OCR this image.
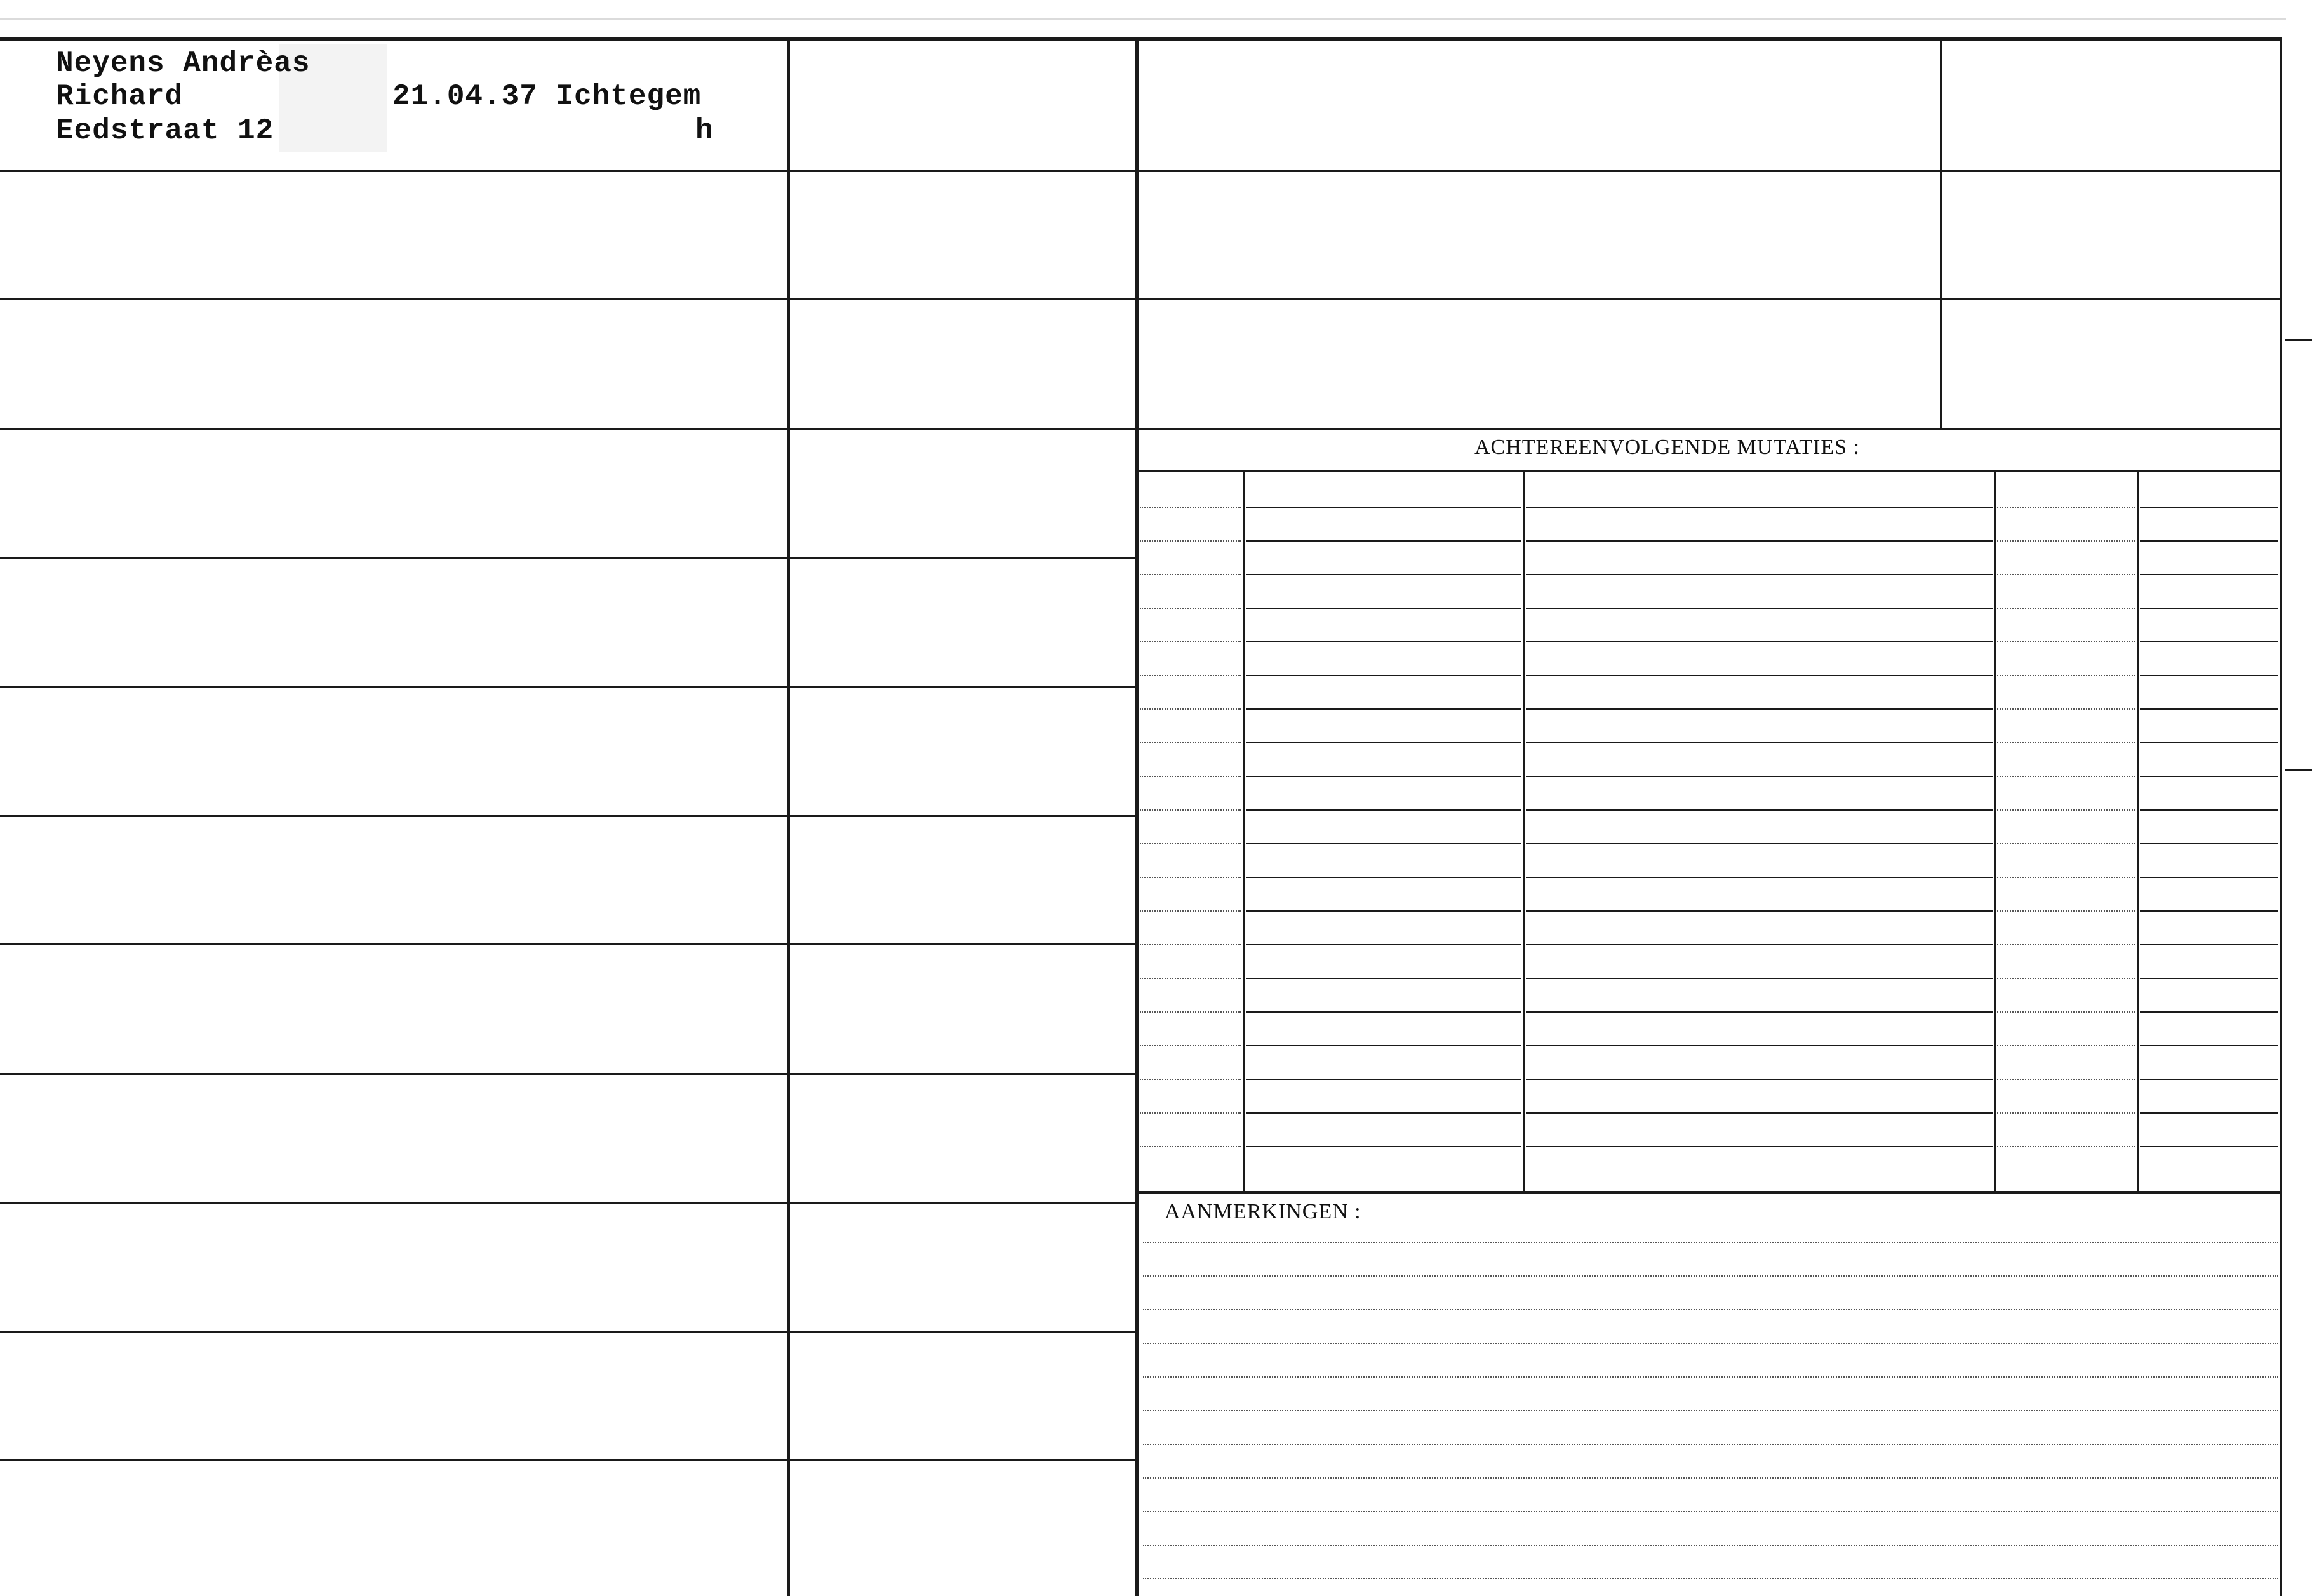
ACHTEREENVOLGENDE MUTATIES :
AANMERKINGEN :
Neyens Andrèas
Richard
Eedstraat 12
21.04.37 Ichtegem
h
